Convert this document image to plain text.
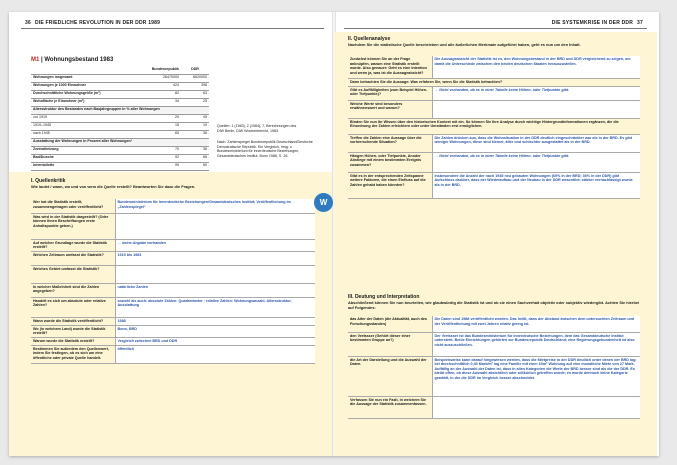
36 DIE FRIEDLICHE REVOLUTION IN DER DDR 1989
M1 | Wohnungsbestand 1983
	Bundesrepublik	DDR
Wohnungen insgesamt	26470000	6620000
Wohnungen je 1000 Einwohner	424	398
Durchschnittliche Wohnungsgröße (m²)	82	63
Wohnfläche je Einwohner (m²)	34	25
Altersstruktur des Bestandes nach Baujahrgruppen in % aller Wohnungen		
vor 1919	20	45
1919–1945	15	19
nach 1945	65	36
Ausstattung der Wohnungen in Prozent aller Wohnungen¹		
Zentralheizung	70	36
Bad/Dusche	92	68
Innentoilette	95	60
Quellen: 1 (1983), 2 (1984), 7, Berechnungen des DIW Berlin, DIW Wochenbericht, 1983.
Nach: Zahlenspiegel Bundesrepublik Deutschland/Deutsche Demokratische Republik. Ein Vergleich, hrsg. v. Bundesministerium für innerdeutsche Beziehungen, Gesamtdeutsches Institut, Bonn 1988, S. 26.
I. Quellenkritik
Wie lautet / wann, wo und von wem die Quelle erstellt? Beantworten Sie dazu die Fragen.
Wer hat die Statistik erstellt, zusammengetragen oder veröffentlicht?	Bundesministerium für Innerdeutsche Beziehungen/Gesamtdeutsches Institut; Veröffentlichung im „Zahlenspiegel“
Was wird in der Statistik dargestellt? (Oder können Ihnen Beschriftungen erste Anhaltspunkte geben.)	
Auf welcher Grundlage wurde die Statistik erstellt?	→ keine Angabe vorhanden
Welchen Zeitraum umfasst die Statistik?	1919 bis 1983
Welches Gebiet umfasst die Statistik?	
In welcher Maßeinheit sind die Zahlen angegeben?	natürliche Zahlen
Handelt es sich um absolute oder relative Zahlen?	sowohl als auch: absolute Zahlen: Quadratmeter · relative Zahlen: Wohnungsanzahl, Altersstruktur, Ausstattung
Wann wurde die Statistik veröffentlicht?	1988
Wo (in welchem Land) wurde die Statistik erstellt?	Bonn, BRD
Warum wurde die Statistik erstellt?	Vergleich zwischen BRD und DDR
Bestimmen Sie außerdem den Quellenwert, indem Sie festlegen, ob es sich um eine öffentliche oder private Quelle handelt.	öffentlich
DIE SYSTEMKRISE IN DER DDR 37
II. Quellenanalyse
Nachdem Sie die statistische Quelle beschrieben und alle äußerlichen Merkmale aufgeführt haben, geht es nun um den Inhalt.
Zunächst können Sie an der Frage anknüpfen, warum eine Statistik erstellt wurde. Also genauer: Geht es eine Intention und wenn ja, was ist die Aussageabsicht?	Die Aussageabsicht der Statistik ist es, den Wohnungsbestand in der BRD und DDR vergleichend zu zeigen, um damit die Unterschiede zwischen den beiden deutschen Staaten herauszustellen.
Dann betrachten Sie die Aussage: Was erfahren Sie, wenn Sie die Statistik betrachten?	
Gibt es Auffälligkeiten (zum Beispiel Höhen- oder Tiefpunkte)?	→ Nicht vorhanden, da es in einer Tabelle keine Höhen- oder Tiefpunkte gibt.
Welche Werte sind besonders erwähnenswert und warum?	
Binden Sie nun Ihr Wissen über den historischen Kontext mit ein. So können Sie Ihre Analyse durch wichtige Hintergrundinformationen ergänzen, die die Einordnung der Zahlen erleichtern oder unter Umständen erst ermöglichen.	
Treffen die Zahlen eine Aussage über die vorherrschende Situation?	Die Zahlen drücken aus, dass die Wohnsituation in der DDR deutlich eingeschränkter war als in der BRD. Es gibt weniger Wohnungen, diese sind kleiner, älter und schlechter ausgestattet als in der BRD.
Hängen Höhen- oder Tiefpunkte, Anoder Abstiege mit einem bestimmten Ereignis zusammen?	→ Nicht vorhanden, da es in einer Tabelle keine Höhen- oder Tiefpunkte gibt.
Gibt es in der entsprechenden Zeitspanne weitere Faktoren, die einen Einfluss auf die Zahlen gehabt haben könnten?	Insbesondere die Anzahl der nach 1945 neu gebauten Wohnungen (65% in der BRD; 36% in der DDR) gibt Aufschluss darüber, dass der Wiederaufbau und der Neubau in der DDR wesentlich stärker vernachlässigt wurde als in der BRD.
III. Deutung und Interpretation
Abschließend können Sie nun beurteilen, wie glaubwürdig die Statistik ist und ob sie einen Sachverhalt objektiv oder subjektiv wiedergibt. Achten Sie hierbei auf Folgendes:
das Alter der Daten (die Aktualität, auch des Forschungsstandes)	Die Daten sind 1988 veröffentlicht worden. Das heißt, dass der Abstand zwischen dem untersuchten Zeitraum und der Veröffentlichung mit zwei Jahren relativ gering ist.
den Verfasser (Gehört dieser einer bestimmten Gruppe an?)	Der Verfasser ist das Bundesministerium für innerdeutsche Beziehungen, dem das Gesamtdeutsche Institut untersteht. Beide Einrichtungen gehörten zur Bundesrepublik Deutschland; eine Regierungsgebundenheit ist also nicht auszuschließen.
die Art der Darstellung und die Auswahl der Daten.	Beispielsweise kann darauf hingewiesen werden, dass die Mietpreise in der DDR deutlich unter denen der BRD lag: bei durchschnittlich 0,40 Mark/m² lag eine Familie mit einer 60m² Wohnung auf eine monatliche Miete von 27 Mark. Auffällig an der Auswahl der Daten ist, dass in allen Kategorien die Werte der BRD besser sind als die der DDR. Es bleibt offen, ob diese Auswahl absichtlich oder willkürlich getroffen wurde; es wurde dennoch keine Kategorie gewählt, in der die DDR im Vergleich besser abschneidet.
Verfassen Sie nun ein Fazit, in welchem Sie die Aussage der Statistik zusammenfassen.	
W
